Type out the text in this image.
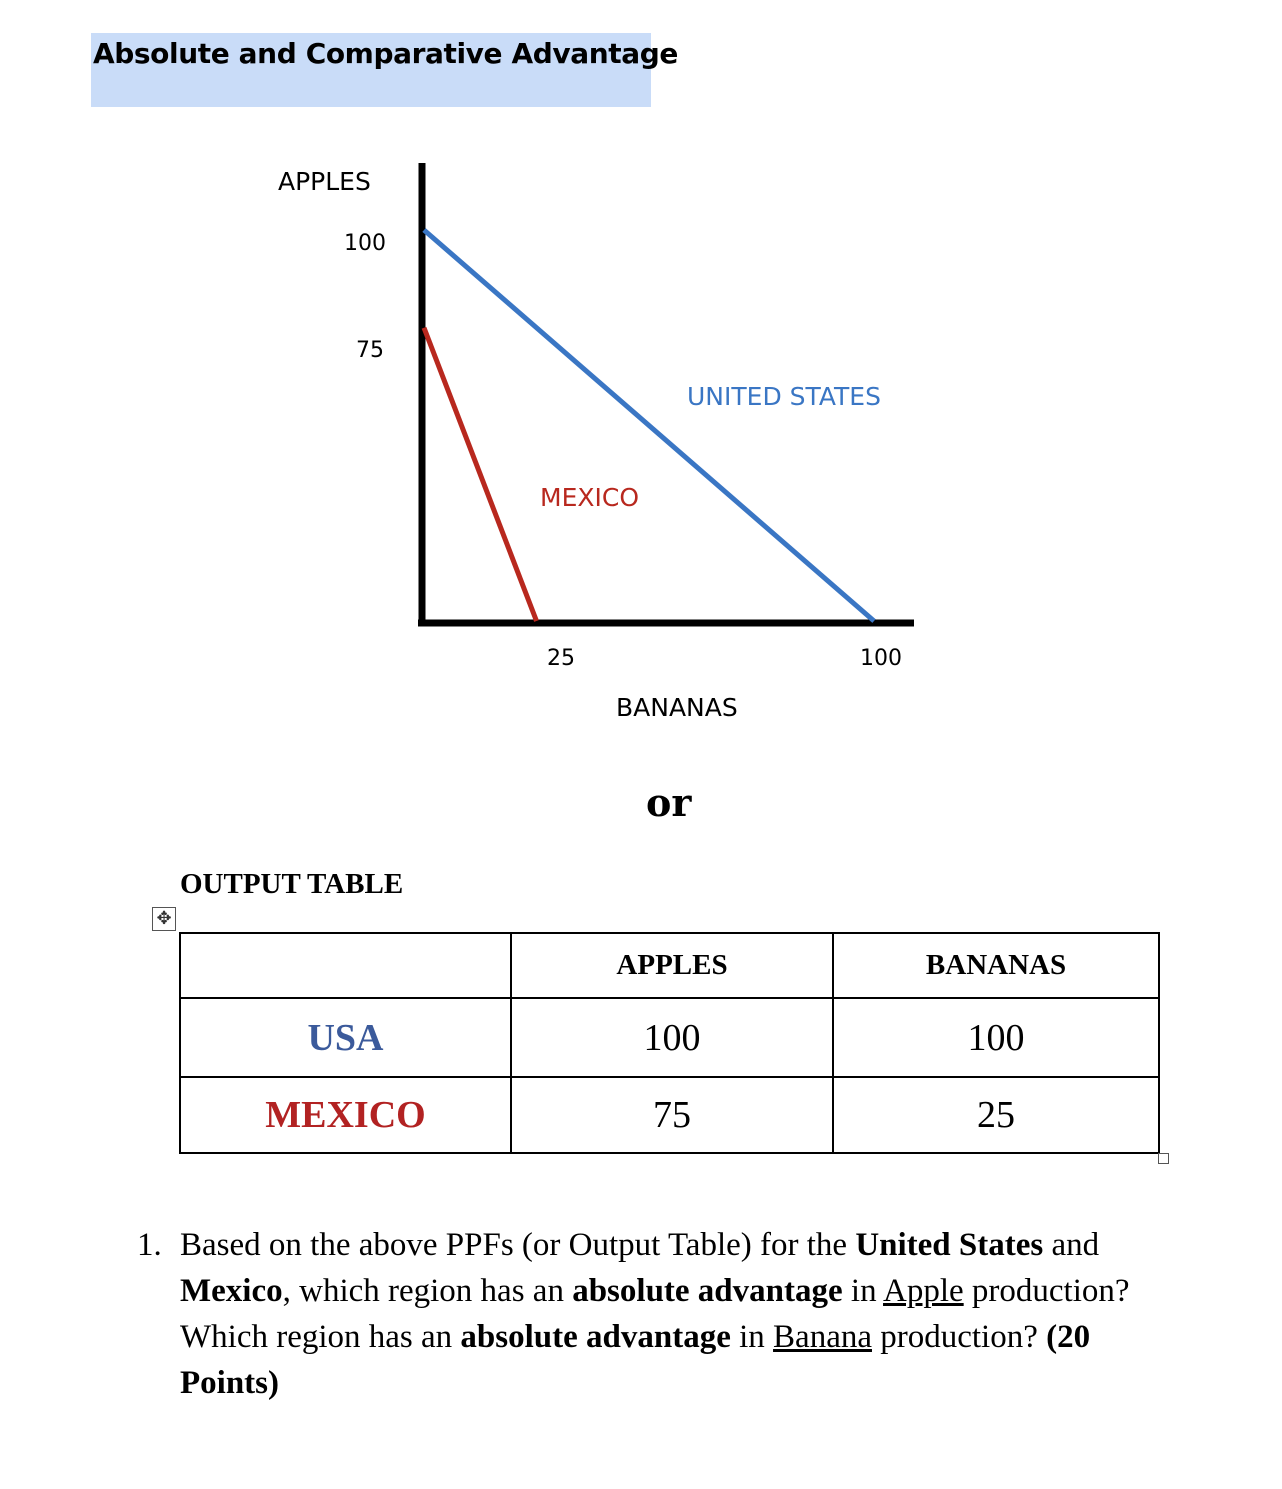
Absolute and Comparative Advantage
APPLES
BANANAS
100
75
25	100
UNITED STATES
MEXICO
or
OUTPUT TABLE
✥
	APPLES	BANANAS
USA	100	100
MEXICO	75	25
1. Based on the above PPFs (or Output Table) for the United States and Mexico, which region has an absolute advantage in Apple production? Which region has an absolute advantage in Banana production? (20 Points)
